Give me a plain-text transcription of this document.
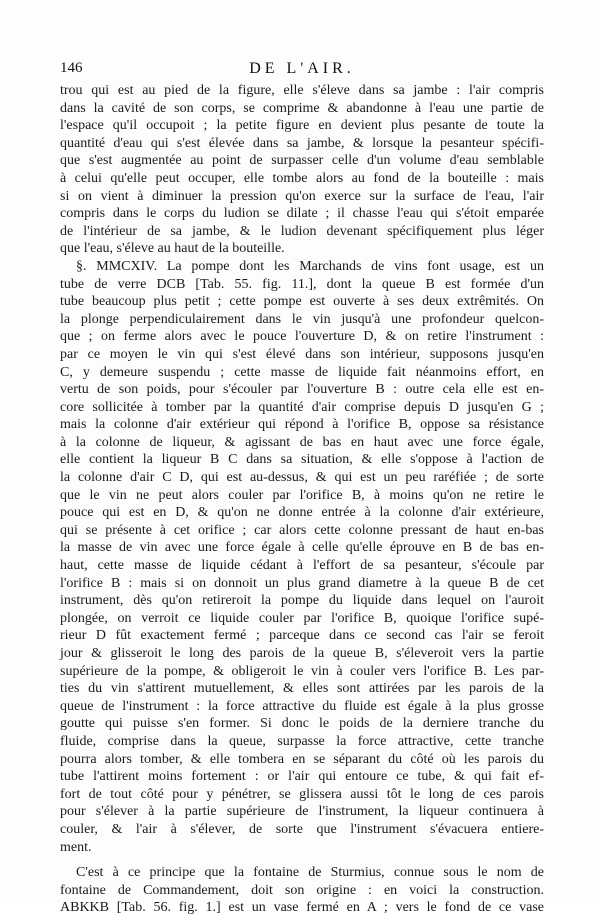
146	DE L'AIR.
trou qui est au pied de la figure, elle s'éleve dans sa jambe : l'air compris
dans la cavité de son corps, se comprime & abandonne à l'eau une partie de
l'espace qu'il occupoit ; la petite figure en devient plus pesante de toute la
quantité d'eau qui s'est élevée dans sa jambe, & lorsque la pesanteur spécifi-
que s'est augmentée au point de surpasser celle d'un volume d'eau semblable
à celui qu'elle peut occuper, elle tombe alors au fond de la bouteille : mais
si on vient à diminuer la pression qu'on exerce sur la surface de l'eau, l'air
compris dans le corps du ludion se dilate ; il chasse l'eau qui s'étoit emparée
de l'intérieur de sa jambe, & le ludion devenant spécifiquement plus léger
que l'eau, s'éleve au haut de la bouteille.
§. MMCXIV. La pompe dont les Marchands de vins font usage, est un
tube de verre DCB [Tab. 55. fig. 11.], dont la queue B est formée d'un
tube beaucoup plus petit ; cette pompe est ouverte à ses deux extrêmités. On
la plonge perpendiculairement dans le vin jusqu'à une profondeur quelcon-
que ; on ferme alors avec le pouce l'ouverture D, & on retire l'instrument :
par ce moyen le vin qui s'est élevé dans son intérieur, supposons jusqu'en
C, y demeure suspendu ; cette masse de liquide fait néanmoins effort, en
vertu de son poids, pour s'écouler par l'ouverture B : outre cela elle est en-
core sollicitée à tomber par la quantité d'air comprise depuis D jusqu'en G ;
mais la colonne d'air extérieur qui répond à l'orifice B, oppose sa résistance
à la colonne de liqueur, & agissant de bas en haut avec une force égale,
elle contient la liqueur B C dans sa situation, & elle s'oppose à l'action de
la colonne d'air C D, qui est au-dessus, & qui est un peu raréfiée ; de sorte
que le vin ne peut alors couler par l'orifice B, à moins qu'on ne retire le
pouce qui est en D, & qu'on ne donne entrée à la colonne d'air extérieure,
qui se présente à cet orifice ; car alors cette colonne pressant de haut en-bas
la masse de vin avec une force égale à celle qu'elle éprouve en B de bas en-
haut, cette masse de liquide cédant à l'effort de sa pesanteur, s'écoule par
l'orifice B : mais si on donnoit un plus grand diametre à la queue B de cet
instrument, dès qu'on retireroit la pompe du liquide dans lequel on l'auroit
plongée, on verroit ce liquide couler par l'orifice B, quoique l'orifice supé-
rieur D fût exactement fermé ; parceque dans ce second cas l'air se feroit
jour & glisseroit le long des parois de la queue B, s'éleveroit vers la partie
supérieure de la pompe, & obligeroit le vin à couler vers l'orifice B. Les par-
ties du vin s'attirent mutuellement, & elles sont attirées par les parois de la
queue de l'instrument : la force attractive du fluide est égale à la plus grosse
goutte qui puisse s'en former. Si donc le poids de la derniere tranche du
fluide, comprise dans la queue, surpasse la force attractive, cette tranche
pourra alors tomber, & elle tombera en se séparant du côté où les parois du
tube l'attirent moins fortement : or l'air qui entoure ce tube, & qui fait ef-
fort de tout côté pour y pénétrer, se glissera aussi tôt le long de ces parois
pour s'élever à la partie supérieure de l'instrument, la liqueur continuera à
couler, & l'air à s'élever, de sorte que l'instrument s'évacuera entiere-
ment.
C'est à ce principe que la fontaine de Sturmius, connue sous le nom de
fontaine de Commandement, doit son origine : en voici la construction.
ABKKB [Tab. 56. fig. 1.] est un vase fermé en A ; vers le fond de ce vase
